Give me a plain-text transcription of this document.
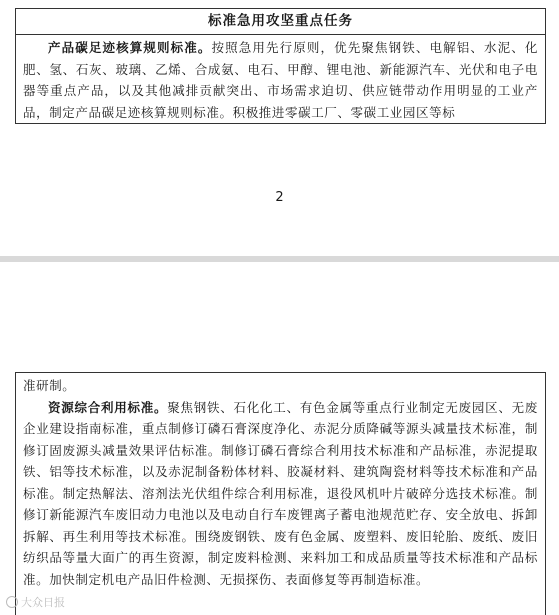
标准急用攻坚重点任务
产品碳足迹核算规则标准。按照急用先行原则，优先聚焦钢铁、电解铝、水泥、化肥、氢、石灰、玻璃、乙烯、合成氨、电石、甲醇、锂电池、新能源汽车、光伏和电子电器等重点产品，以及其他减排贡献突出、市场需求迫切、供应链带动作用明显的工业产品，制定产品碳足迹核算规则标准。积极推进零碳工厂、零碳工业园区等标
2
准研制。
资源综合利用标准。聚焦钢铁、石化化工、有色金属等重点行业制定无废园区、无废企业建设指南标准，重点制修订磷石膏深度净化、赤泥分质降碱等源头减量技术标准，制修订固废源头减量效果评估标准。制修订磷石膏综合利用技术标准和产品标准，赤泥提取铁、铝等技术标准，以及赤泥制备粉体材料、胶凝材料、建筑陶瓷材料等技术标准和产品标准。制定热解法、溶剂法光伏组件综合利用标准，退役风机叶片破碎分选技术标准。制修订新能源汽车废旧动力电池以及电动自行车废锂离子蓄电池规范贮存、安全放电、拆卸拆解、再生利用等技术标准。围绕废钢铁、废有色金属、废塑料、废旧轮胎、废纸、废旧纺织品等量大面广的再生资源，制定废料检测、来料加工和成品质量等技术标准和产品标准。加快制定机电产品旧件检测、无损探伤、表面修复等再制造标准。
大众日报
